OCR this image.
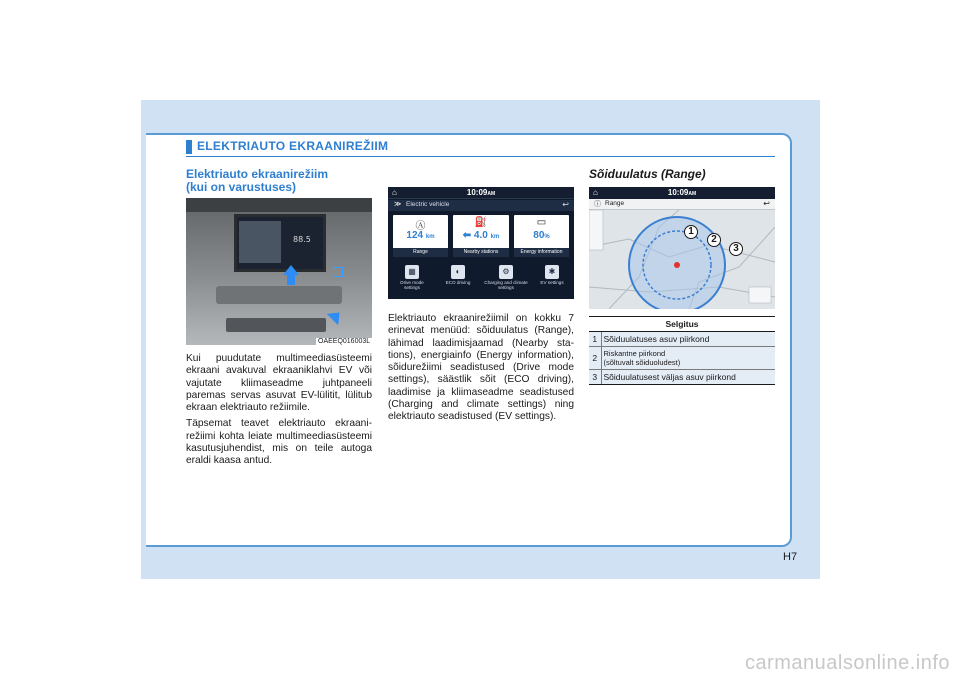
ELEKTRIAUTO EKRAANIREŽIIM
Elektriauto ekraanirežiim
(kui on varustuses)
88.5
OAEEQ016003L

Kui puudutate multimeediasüsteemi ekraani avakuval ekraaniklahvi EV või vajutate kliimaseadme juhtpaneeli paremas servas asuvat EV-lülitit, lülitub ekraan elektriauto režiimile.

Täpsemat teavet elektriauto ekraanirežiimi kohta leiate multimeediasüsteemi kasutusjuhendist, mis on teile autoga eraldi kaasa antud.

⌂	10:09AM
≫ Electric vehicle	↩
Ⓐ
124 km
Range
⛽
⬅ 4.0 km
Nearby stations
▭
80%
Energy information
▦
Drive mode settings
◐
ECO driving
⚙
Charging and climate settings
✱
EV settings

Elektriauto ekraanirežiimil on kokku 7 erinevat menüüd: sõiduulatus (Range), lähimad laadimisjaamad (Nearby stations), energiainfo (Energy information), sõidurežiimi seadistused (Drive mode settings), säästlik sõit (ECO driving), laadimise ja kliimaseadme seadistused (Charging and climate settings) ning elektriauto seadistused (EV settings).

Sõiduulatus (Range)
⌂	10:09AM
ⓘ Range	↩
1
2
3
Selgitus	
1	Sõiduulatuses asuv piirkond
2	Riskantne piirkond
(sõltuvalt sõiduoludest)

3	Sõiduulatusest väljas asuv piirkond
H7
carmanualsonline.info
